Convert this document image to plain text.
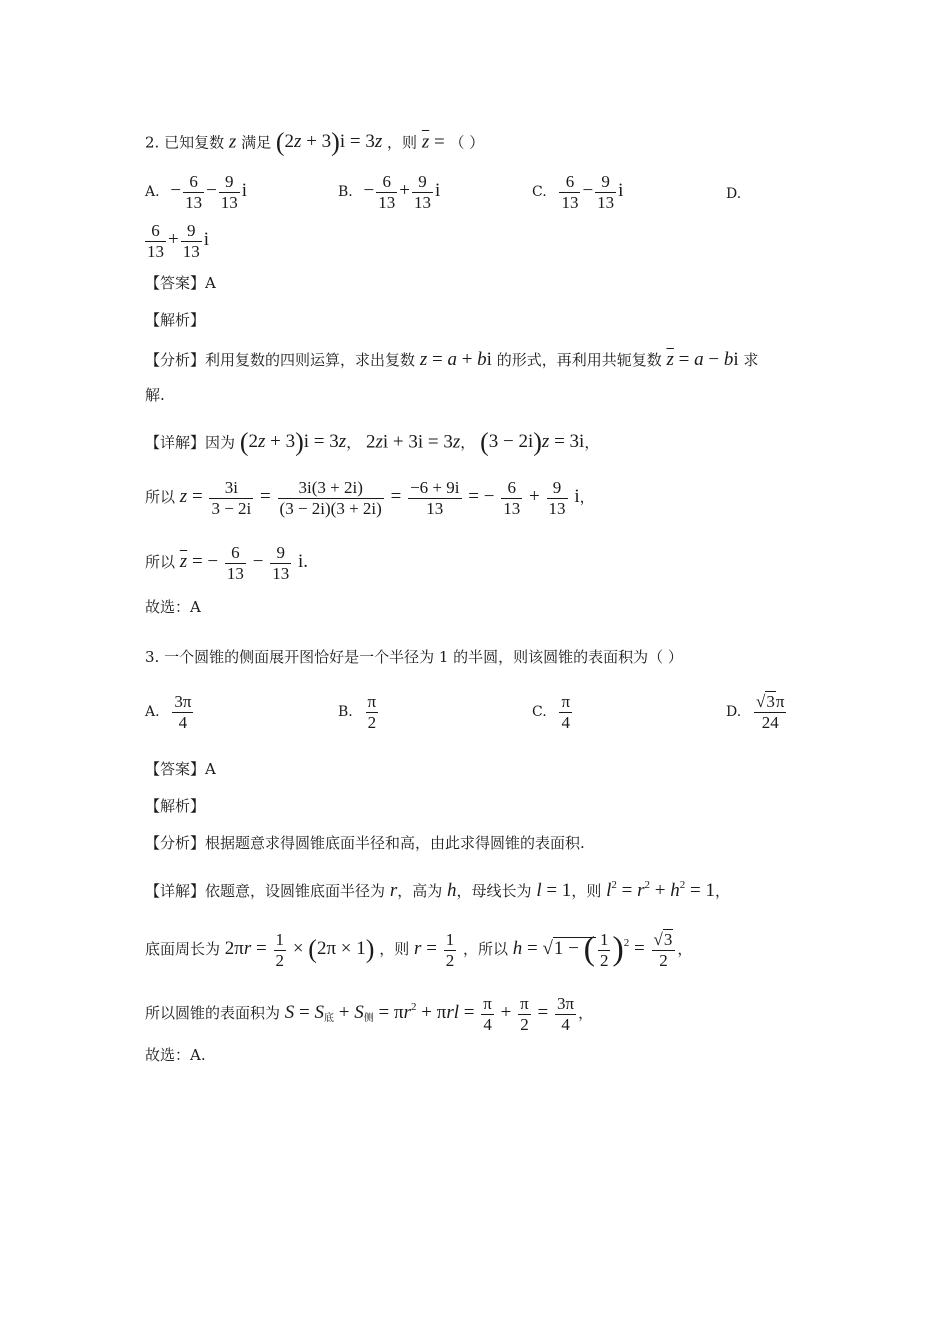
2. 已知复数 z 满足 (2z + 3)i = 3z ，则 $\overline{z}$ = （ ）
A. − $\frac{6}{13} - \frac{9}{13}$ i	B. − $\frac{6}{13} + \frac{9}{13}$ i	C. $\frac{6}{13} - \frac{9}{13}$ i	D.
$\frac{6}{13} + \frac{9}{13}$ i
【答案】A
【解析】
【分析】利用复数的四则运算，求出复数 z = a + bi 的形式，再利用共轭复数 $\overline{z} = a$ − bi 求
解.
【详解】因为 (2z + 3)i = 3z， 2zi + 3i = 3z， (3 − 2i)z = 3i，
所以 $z = \frac{3i}{3 - 2i} = \frac{3i(3 + 2i)}{(3 - 2i)(3 + 2i)} = \frac{-6 + 9i}{13}$ = − $\frac{6}{13} + \frac{9}{13}$ i，
所以 $\overline{z}$ = − $\frac{6}{13} - \frac{9}{13} i$.
故选：A
3. 一个圆锥的侧面展开图恰好是一个半径为 1 的半圆，则该圆锥的表面积为（ ）
A. $\frac{3\pi}{4}$	B. $\frac{\pi}{2}$	C. $\frac{\pi}{4}$	D. $\frac{√3\pi}{24}$
【答案】A
【解析】
【分析】根据题意求得圆锥底面半径和高，由此求得圆锥的表面积.
【详解】依题意，设圆锥底面半径为 r，高为 h，母线长为 l = 1，则 $l^2 = r^2 + h^2 = 1$，
底面周长为 $2\pi r = \frac{1}{2} \times (2\pi \times 1)$ ，则 $r = \frac{1}{2}$ ，所以 h = √1 − ( $\frac{1}{2} )^2 = \frac{√3}{2}$ ，
所以圆锥的表面积为 $S = S_底 + S_侧 = \pi r^2 + \pi rl = \frac{\pi}{4} + \frac{\pi}{2} = \frac{3\pi}{4}$ ，
故选：A.
